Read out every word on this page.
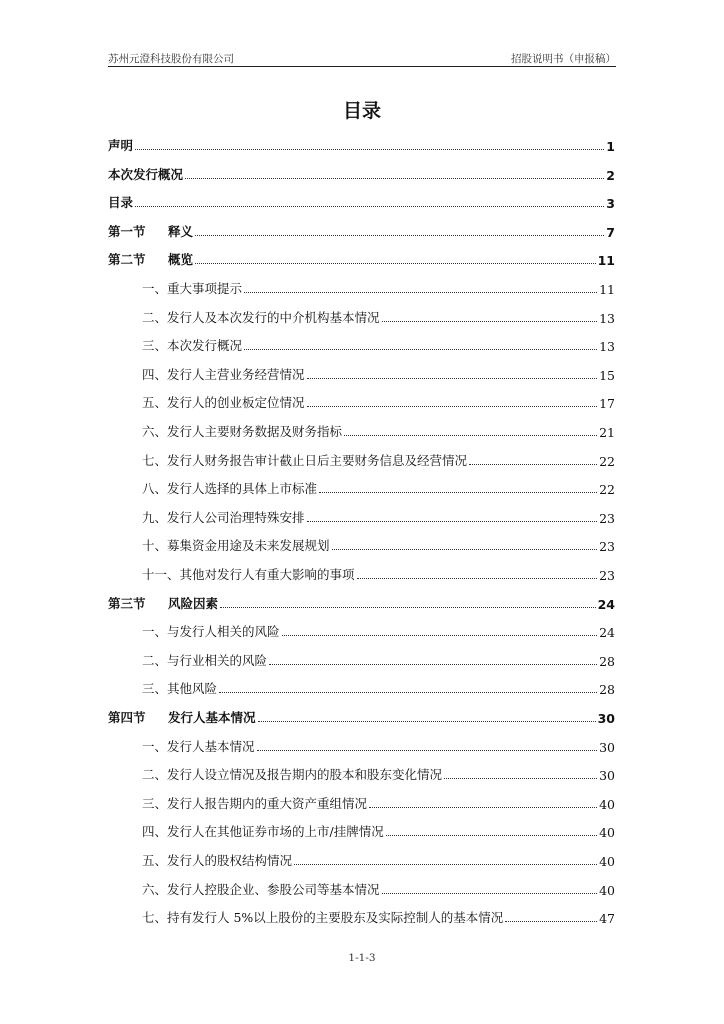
苏州元澄科技股份有限公司	招股说明书（申报稿）
目录
声明	1
本次发行概况	2
目录	3
第一节 释义	7
第二节 概览	11
一、重大事项提示	11
二、发行人及本次发行的中介机构基本情况	13
三、本次发行概况	13
四、发行人主营业务经营情况	15
五、发行人的创业板定位情况	17
六、发行人主要财务数据及财务指标	21
七、发行人财务报告审计截止日后主要财务信息及经营情况	22
八、发行人选择的具体上市标准	22
九、发行人公司治理特殊安排	23
十、募集资金用途及未来发展规划	23
十一、其他对发行人有重大影响的事项	23
第三节 风险因素	24
一、与发行人相关的风险	24
二、与行业相关的风险	28
三、其他风险	28
第四节 发行人基本情况	30
一、发行人基本情况	30
二、发行人设立情况及报告期内的股本和股东变化情况	30
三、发行人报告期内的重大资产重组情况	40
四、发行人在其他证券市场的上市/挂牌情况	40
五、发行人的股权结构情况	40
六、发行人控股企业、参股公司等基本情况	40
七、持有发行人 5%以上股份的主要股东及实际控制人的基本情况	47
1-1-3
